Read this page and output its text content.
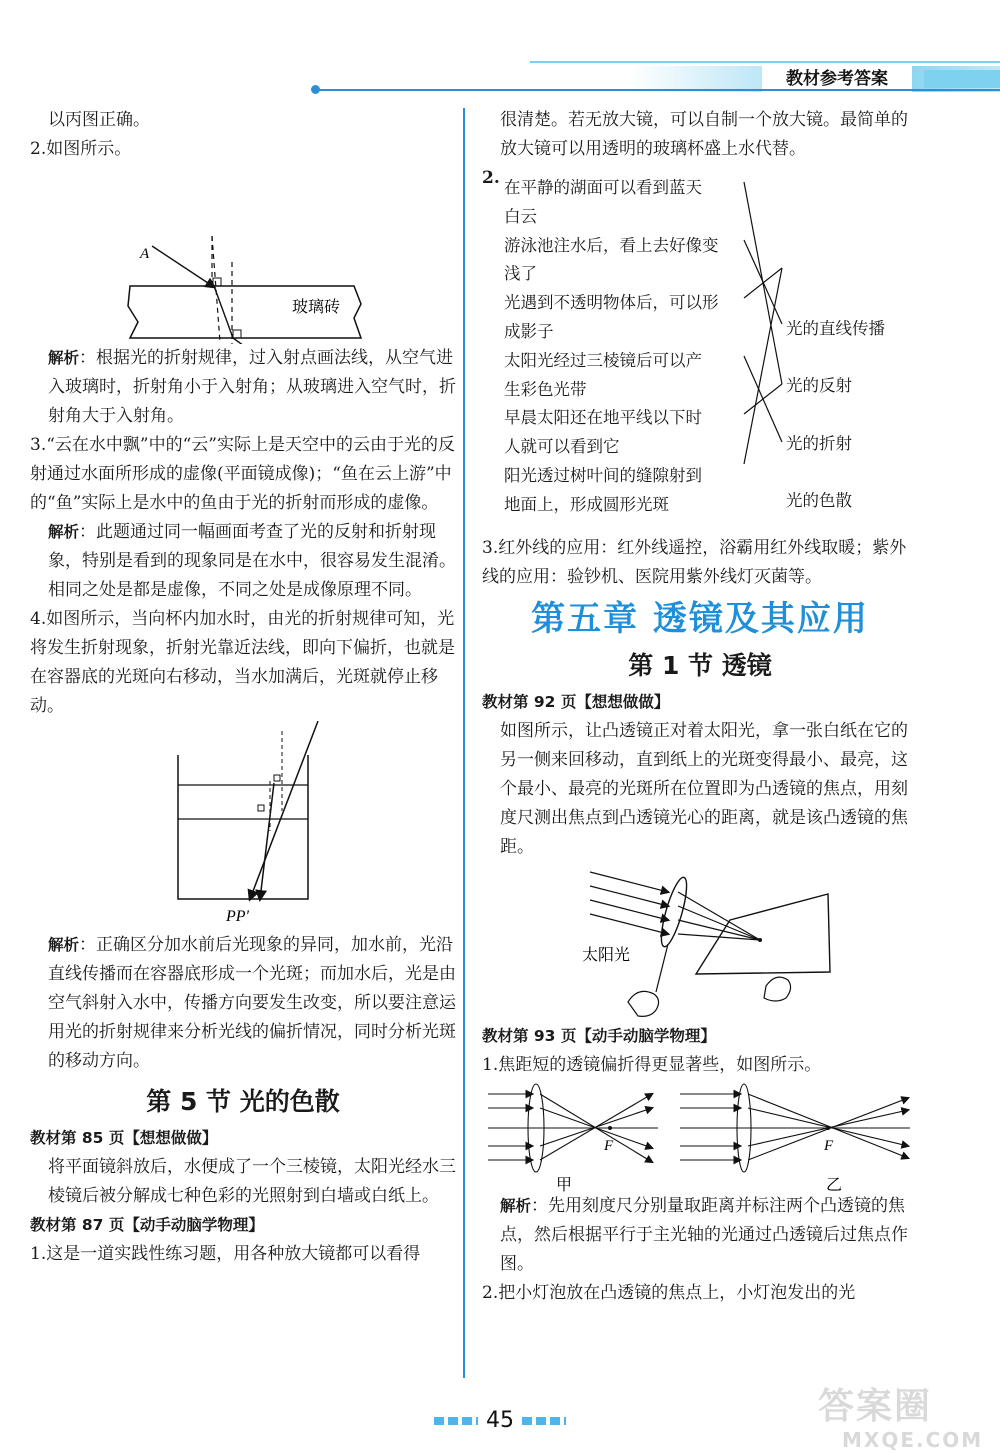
教材参考答案

以丙图正确。

2.如图所示。

A
玻璃砖

解析：根据光的折射规律，过入射点画法线，从空气进入玻璃时，折射角小于入射角；从玻璃进入空气时，折射角大于入射角。

3.“云在水中飘”中的“云”实际上是天空中的云由于光的反射通过水面所形成的虚像(平面镜成像)；“鱼在云上游”中的“鱼”实际上是水中的鱼由于光的折射而形成的虚像。

解析：此题通过同一幅画面考查了光的反射和折射现象，特别是看到的现象同是在水中，很容易发生混淆。相同之处是都是虚像，不同之处是成像原理不同。

4.如图所示，当向杯内加水时，由光的折射规律可知，光将发生折射现象，折射光靠近法线，即向下偏折，也就是在容器底的光斑向右移动，当水加满后，光斑就停止移动。

PP′

解析：正确区分加水前后光现象的异同，加水前，光沿直线传播而在容器底形成一个光斑；而加水后，光是由空气斜射入水中，传播方向要发生改变，所以要注意运用光的折射规律来分析光线的偏折情况，同时分析光斑的移动方向。

第 5 节 光的色散

教材第 85 页【想想做做】

将平面镜斜放后，水便成了一个三棱镜，太阳光经水三棱镜后被分解成七种色彩的光照射到白墙或白纸上。

教材第 87 页【动手动脑学物理】

1.这是一道实践性练习题，用各种放大镜都可以看得

很清楚。若无放大镜，可以自制一个放大镜。最简单的放大镜可以用透明的玻璃杯盛上水代替。

2. 在平静的湖面可以看到蓝天
白云
游泳池注水后，看上去好像变
浅了
光遇到不透明物体后，可以形
成影子
太阳光经过三棱镜后可以产
生彩色光带
早晨太阳还在地平线以下时
人就可以看到它
阳光透过树叶间的缝隙射到
地面上，形成圆形光斑
光的直线传播
光的反射
光的折射
光的色散

3.红外线的应用：红外线遥控，浴霸用红外线取暖；紫外线的应用：验钞机、医院用紫外线灯灭菌等。

第五章 透镜及其应用
第 1 节 透镜

教材第 92 页【想想做做】

如图所示，让凸透镜正对着太阳光，拿一张白纸在它的另一侧来回移动，直到纸上的光斑变得最小、最亮，这个最小、最亮的光斑所在位置即为凸透镜的焦点，用刻度尺测出焦点到凸透镜光心的距离，就是该凸透镜的焦距。

太阳光

教材第 93 页【动手动脑学物理】

1.焦距短的透镜偏折得更显著些，如图所示。

F	F
甲	乙

解析：先用刻度尺分别量取距离并标注两个凸透镜的焦点，然后根据平行于主光轴的光通过凸透镜后过焦点作图。

2.把小灯泡放在凸透镜的焦点上，小灯泡发出的光

45	答案圈
MXQE.COM
